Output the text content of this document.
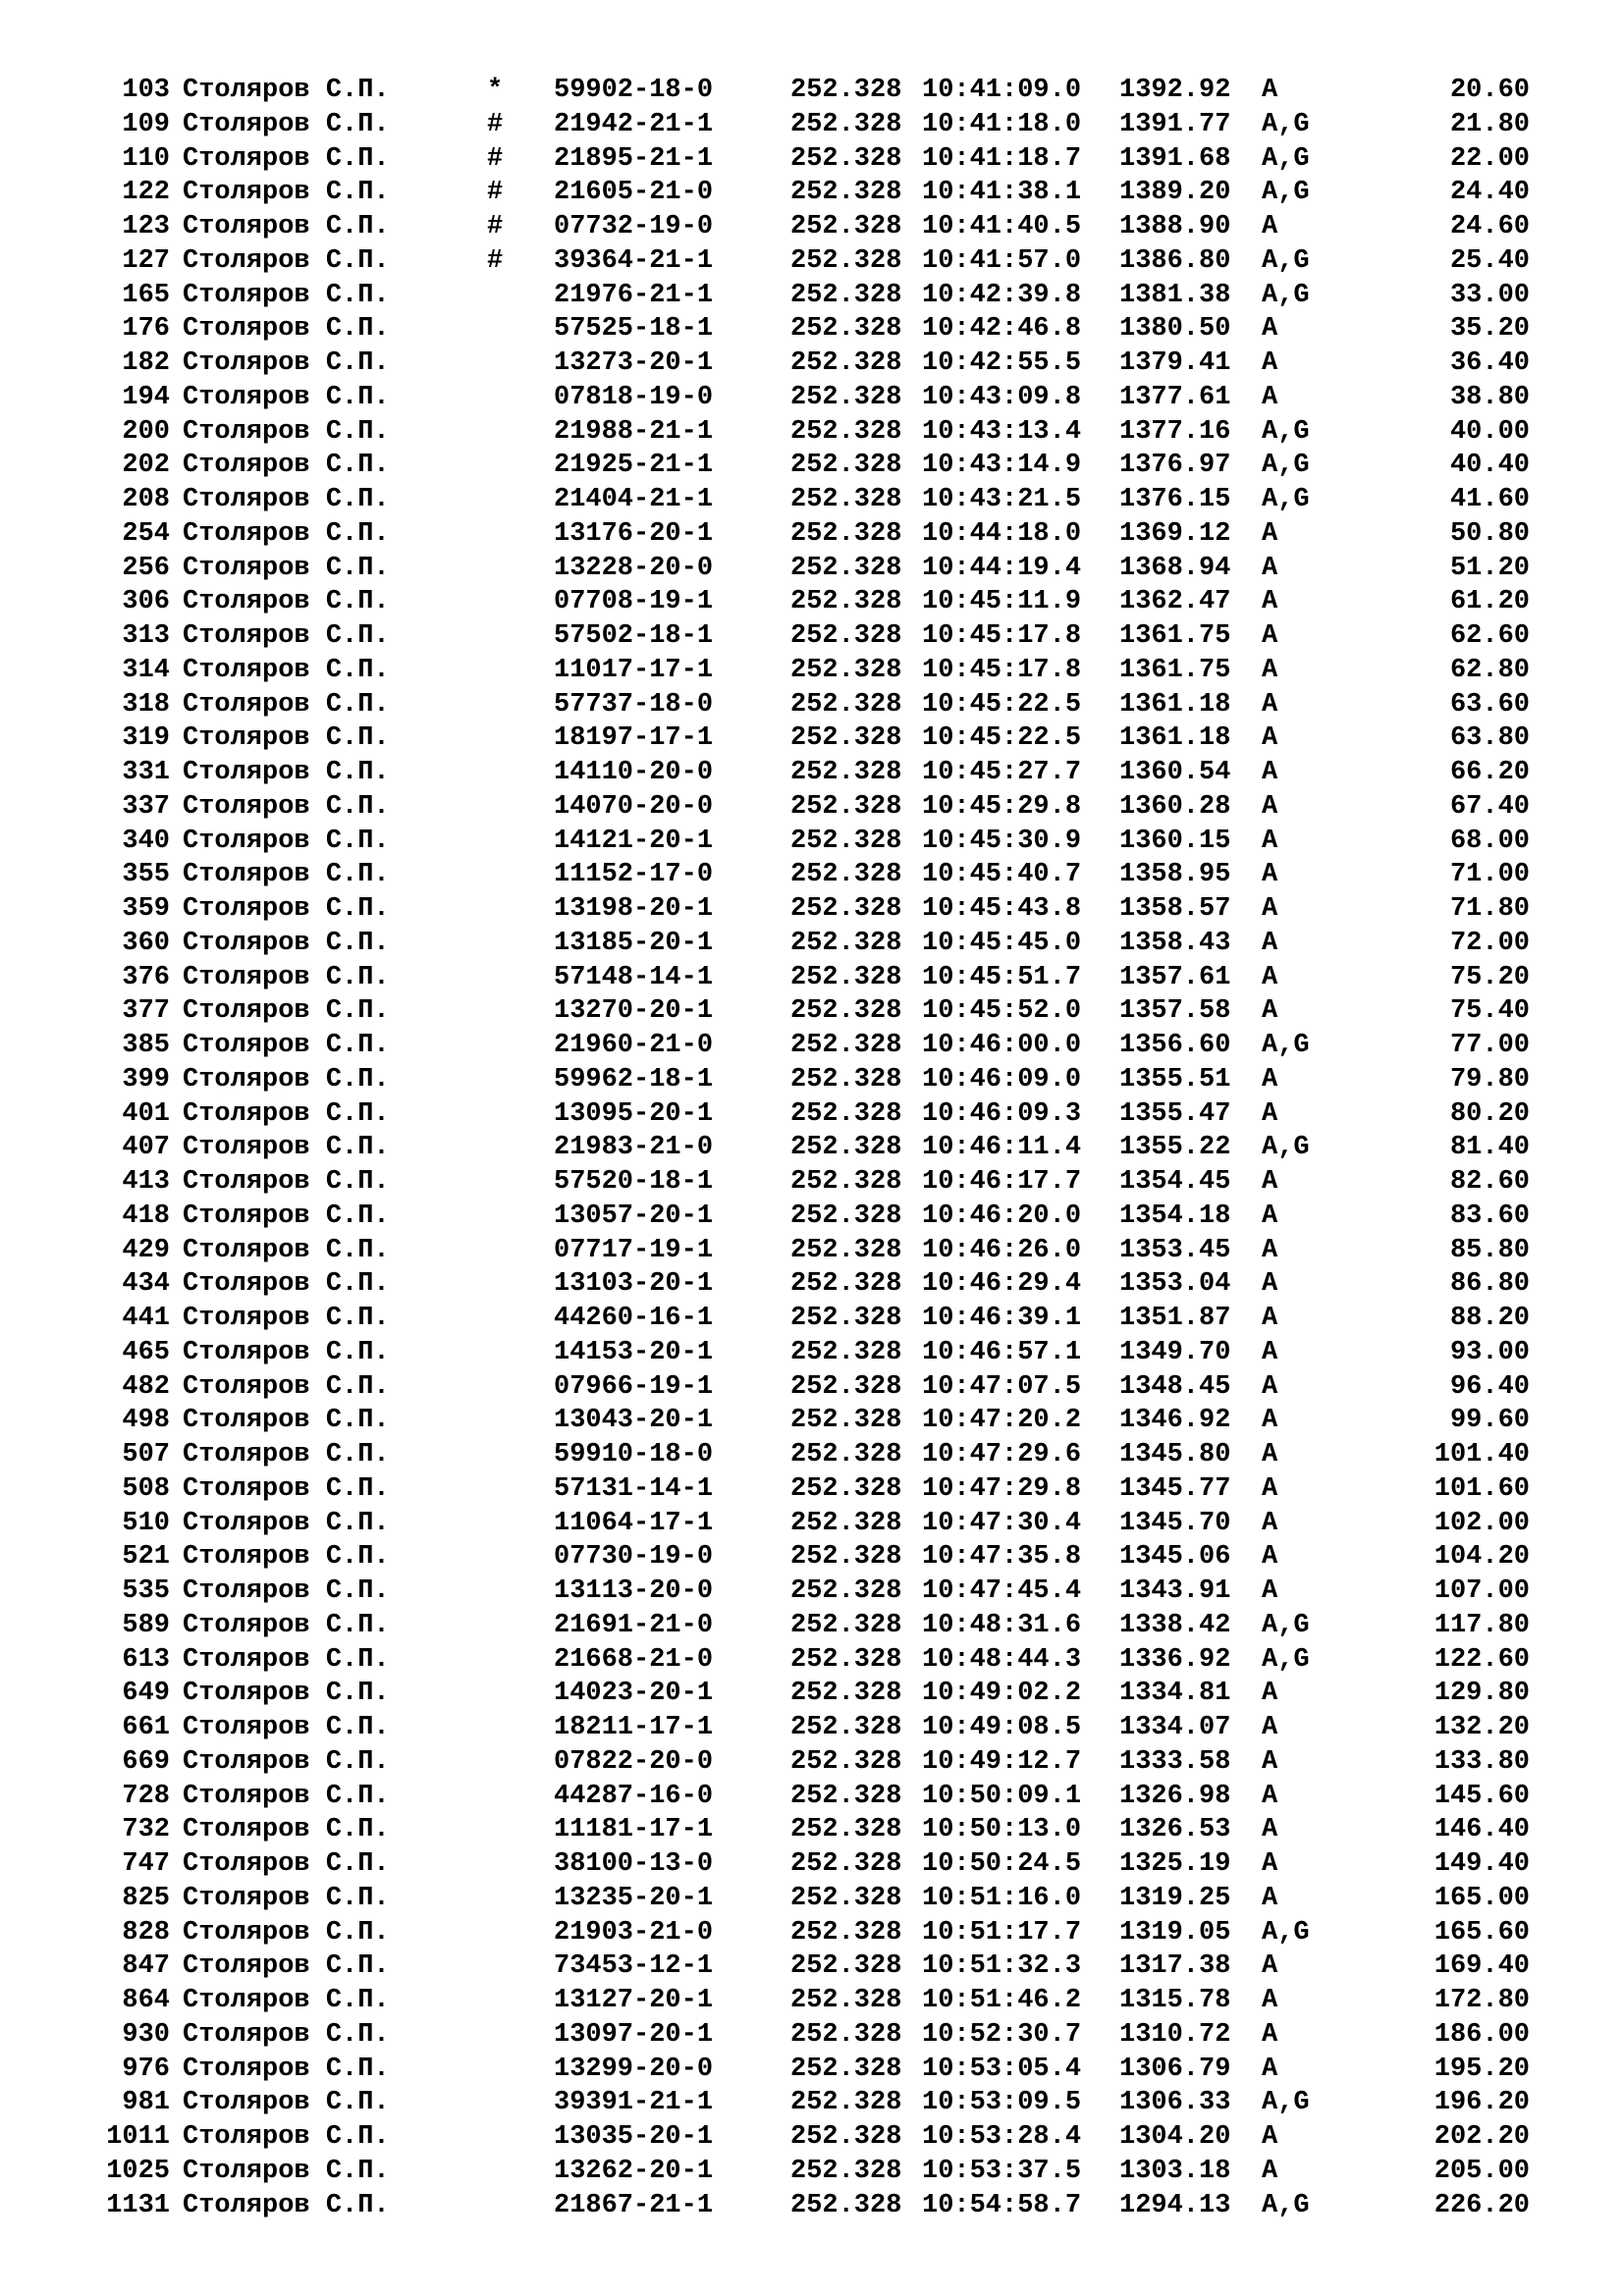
103	Столяров С.П.	*	59902-18-0	252.328	10:41:09.0	1392.92	A	20.60
109	Столяров С.П.	#	21942-21-1	252.328	10:41:18.0	1391.77	A,G	21.80
110	Столяров С.П.	#	21895-21-1	252.328	10:41:18.7	1391.68	A,G	22.00
122	Столяров С.П.	#	21605-21-0	252.328	10:41:38.1	1389.20	A,G	24.40
123	Столяров С.П.	#	07732-19-0	252.328	10:41:40.5	1388.90	A	24.60
127	Столяров С.П.	#	39364-21-1	252.328	10:41:57.0	1386.80	A,G	25.40
165	Столяров С.П.		21976-21-1	252.328	10:42:39.8	1381.38	A,G	33.00
176	Столяров С.П.		57525-18-1	252.328	10:42:46.8	1380.50	A	35.20
182	Столяров С.П.		13273-20-1	252.328	10:42:55.5	1379.41	A	36.40
194	Столяров С.П.		07818-19-0	252.328	10:43:09.8	1377.61	A	38.80
200	Столяров С.П.		21988-21-1	252.328	10:43:13.4	1377.16	A,G	40.00
202	Столяров С.П.		21925-21-1	252.328	10:43:14.9	1376.97	A,G	40.40
208	Столяров С.П.		21404-21-1	252.328	10:43:21.5	1376.15	A,G	41.60
254	Столяров С.П.		13176-20-1	252.328	10:44:18.0	1369.12	A	50.80
256	Столяров С.П.		13228-20-0	252.328	10:44:19.4	1368.94	A	51.20
306	Столяров С.П.		07708-19-1	252.328	10:45:11.9	1362.47	A	61.20
313	Столяров С.П.		57502-18-1	252.328	10:45:17.8	1361.75	A	62.60
314	Столяров С.П.		11017-17-1	252.328	10:45:17.8	1361.75	A	62.80
318	Столяров С.П.		57737-18-0	252.328	10:45:22.5	1361.18	A	63.60
319	Столяров С.П.		18197-17-1	252.328	10:45:22.5	1361.18	A	63.80
331	Столяров С.П.		14110-20-0	252.328	10:45:27.7	1360.54	A	66.20
337	Столяров С.П.		14070-20-0	252.328	10:45:29.8	1360.28	A	67.40
340	Столяров С.П.		14121-20-1	252.328	10:45:30.9	1360.15	A	68.00
355	Столяров С.П.		11152-17-0	252.328	10:45:40.7	1358.95	A	71.00
359	Столяров С.П.		13198-20-1	252.328	10:45:43.8	1358.57	A	71.80
360	Столяров С.П.		13185-20-1	252.328	10:45:45.0	1358.43	A	72.00
376	Столяров С.П.		57148-14-1	252.328	10:45:51.7	1357.61	A	75.20
377	Столяров С.П.		13270-20-1	252.328	10:45:52.0	1357.58	A	75.40
385	Столяров С.П.		21960-21-0	252.328	10:46:00.0	1356.60	A,G	77.00
399	Столяров С.П.		59962-18-1	252.328	10:46:09.0	1355.51	A	79.80
401	Столяров С.П.		13095-20-1	252.328	10:46:09.3	1355.47	A	80.20
407	Столяров С.П.		21983-21-0	252.328	10:46:11.4	1355.22	A,G	81.40
413	Столяров С.П.		57520-18-1	252.328	10:46:17.7	1354.45	A	82.60
418	Столяров С.П.		13057-20-1	252.328	10:46:20.0	1354.18	A	83.60
429	Столяров С.П.		07717-19-1	252.328	10:46:26.0	1353.45	A	85.80
434	Столяров С.П.		13103-20-1	252.328	10:46:29.4	1353.04	A	86.80
441	Столяров С.П.		44260-16-1	252.328	10:46:39.1	1351.87	A	88.20
465	Столяров С.П.		14153-20-1	252.328	10:46:57.1	1349.70	A	93.00
482	Столяров С.П.		07966-19-1	252.328	10:47:07.5	1348.45	A	96.40
498	Столяров С.П.		13043-20-1	252.328	10:47:20.2	1346.92	A	99.60
507	Столяров С.П.		59910-18-0	252.328	10:47:29.6	1345.80	A	101.40
508	Столяров С.П.		57131-14-1	252.328	10:47:29.8	1345.77	A	101.60
510	Столяров С.П.		11064-17-1	252.328	10:47:30.4	1345.70	A	102.00
521	Столяров С.П.		07730-19-0	252.328	10:47:35.8	1345.06	A	104.20
535	Столяров С.П.		13113-20-0	252.328	10:47:45.4	1343.91	A	107.00
589	Столяров С.П.		21691-21-0	252.328	10:48:31.6	1338.42	A,G	117.80
613	Столяров С.П.		21668-21-0	252.328	10:48:44.3	1336.92	A,G	122.60
649	Столяров С.П.		14023-20-1	252.328	10:49:02.2	1334.81	A	129.80
661	Столяров С.П.		18211-17-1	252.328	10:49:08.5	1334.07	A	132.20
669	Столяров С.П.		07822-20-0	252.328	10:49:12.7	1333.58	A	133.80
728	Столяров С.П.		44287-16-0	252.328	10:50:09.1	1326.98	A	145.60
732	Столяров С.П.		11181-17-1	252.328	10:50:13.0	1326.53	A	146.40
747	Столяров С.П.		38100-13-0	252.328	10:50:24.5	1325.19	A	149.40
825	Столяров С.П.		13235-20-1	252.328	10:51:16.0	1319.25	A	165.00
828	Столяров С.П.		21903-21-0	252.328	10:51:17.7	1319.05	A,G	165.60
847	Столяров С.П.		73453-12-1	252.328	10:51:32.3	1317.38	A	169.40
864	Столяров С.П.		13127-20-1	252.328	10:51:46.2	1315.78	A	172.80
930	Столяров С.П.		13097-20-1	252.328	10:52:30.7	1310.72	A	186.00
976	Столяров С.П.		13299-20-0	252.328	10:53:05.4	1306.79	A	195.20
981	Столяров С.П.		39391-21-1	252.328	10:53:09.5	1306.33	A,G	196.20
1011	Столяров С.П.		13035-20-1	252.328	10:53:28.4	1304.20	A	202.20
1025	Столяров С.П.		13262-20-1	252.328	10:53:37.5	1303.18	A	205.00
1131	Столяров С.П.		21867-21-1	252.328	10:54:58.7	1294.13	A,G	226.20
